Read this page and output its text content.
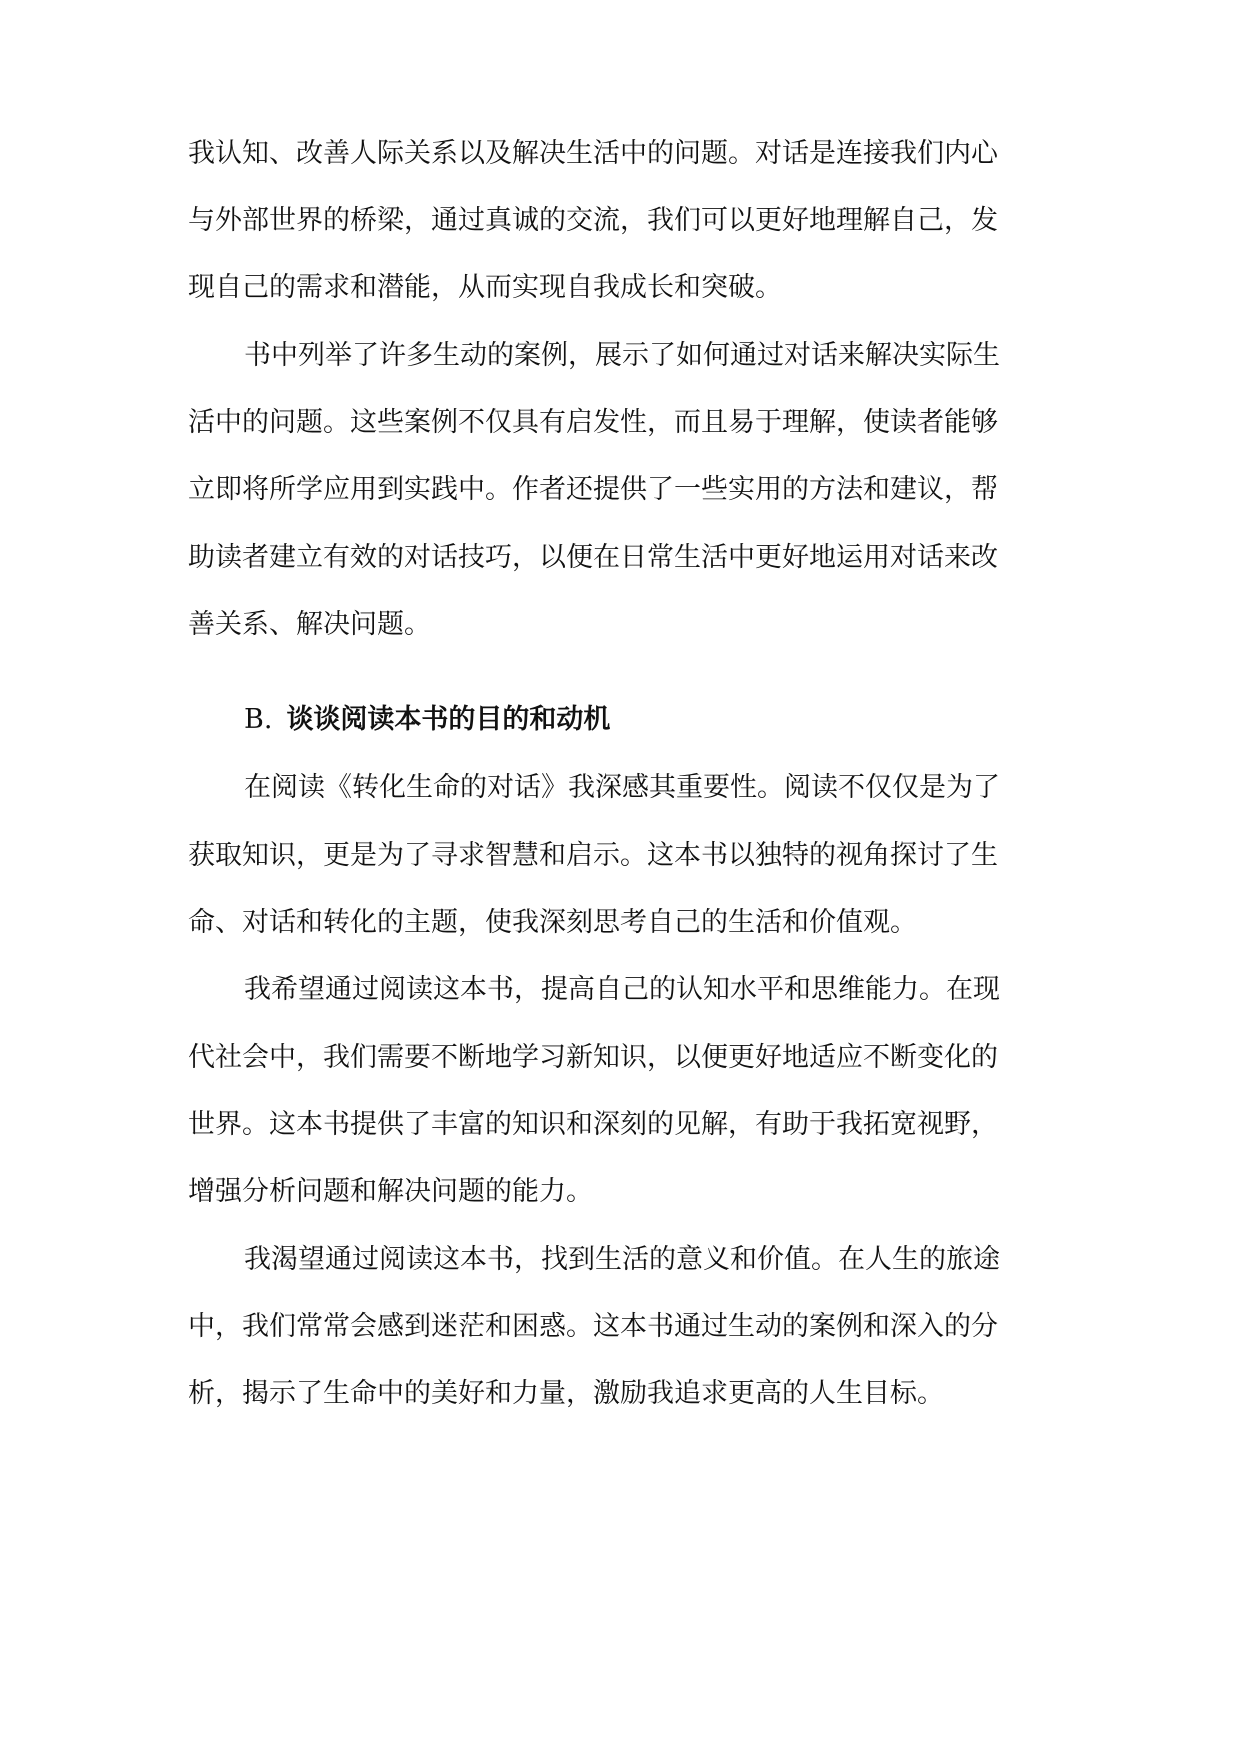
我认知、改善人际关系以及解决生活中的问题。对话是连接我们内心

与外部世界的桥梁，通过真诚的交流，我们可以更好地理解自己，发

现自己的需求和潜能，从而实现自我成长和突破。

书中列举了许多生动的案例，展示了如何通过对话来解决实际生

活中的问题。这些案例不仅具有启发性，而且易于理解，使读者能够

立即将所学应用到实践中。作者还提供了一些实用的方法和建议，帮

助读者建立有效的对话技巧，以便在日常生活中更好地运用对话来改

善关系、解决问题。

B. 谈谈阅读本书的目的和动机

在阅读《转化生命的对话》我深感其重要性。阅读不仅仅是为了

获取知识，更是为了寻求智慧和启示。这本书以独特的视角探讨了生

命、对话和转化的主题，使我深刻思考自己的生活和价值观。

我希望通过阅读这本书，提高自己的认知水平和思维能力。在现

代社会中，我们需要不断地学习新知识，以便更好地适应不断变化的

世界。这本书提供了丰富的知识和深刻的见解，有助于我拓宽视野，

增强分析问题和解决问题的能力。

我渴望通过阅读这本书，找到生活的意义和价值。在人生的旅途

中，我们常常会感到迷茫和困惑。这本书通过生动的案例和深入的分

析，揭示了生命中的美好和力量，激励我追求更高的人生目标。
